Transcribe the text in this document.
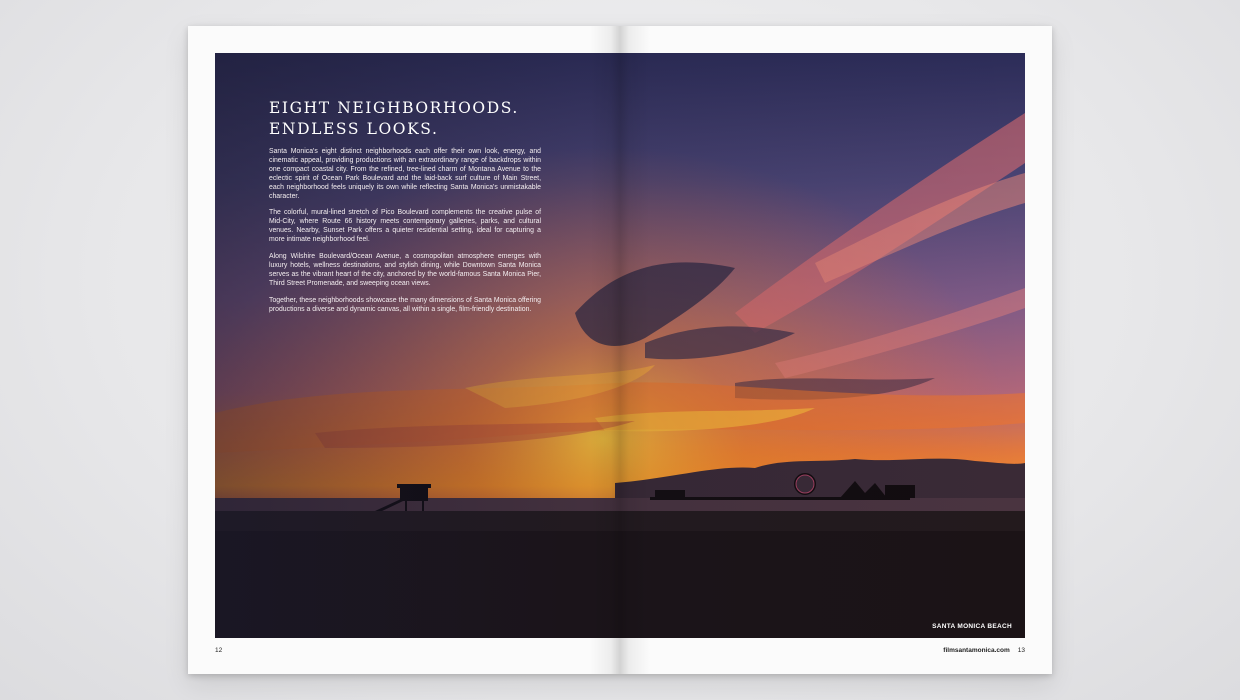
EIGHT NEIGHBORHOODS.
ENDLESS LOOKS.

Santa Monica's eight distinct neighborhoods each offer their own look, energy, and cinematic appeal, providing productions with an extraordinary range of backdrops within one compact coastal city. From the refined, tree-lined charm of Montana Avenue to the eclectic spirit of Ocean Park Boulevard and the laid-back surf culture of Main Street, each neighborhood feels uniquely its own while reflecting Santa Monica's unmistakable character.

The colorful, mural-lined stretch of Pico Boulevard complements the creative pulse of Mid-City, where Route 66 history meets contemporary galleries, parks, and cultural venues. Nearby, Sunset Park offers a quieter residential setting, ideal for capturing a more intimate neighborhood feel.

Along Wilshire Boulevard/Ocean Avenue, a cosmopolitan atmosphere emerges with luxury hotels, wellness destinations, and stylish dining, while Downtown Santa Monica serves as the vibrant heart of the city, anchored by the world-famous Santa Monica Pier, Third Street Promenade, and sweeping ocean views.

Together, these neighborhoods showcase the many dimensions of Santa Monica offering productions a diverse and dynamic canvas, all within a single, film-friendly destination.

SANTA MONICA BEACH
12	filmsantamonica.com 13
